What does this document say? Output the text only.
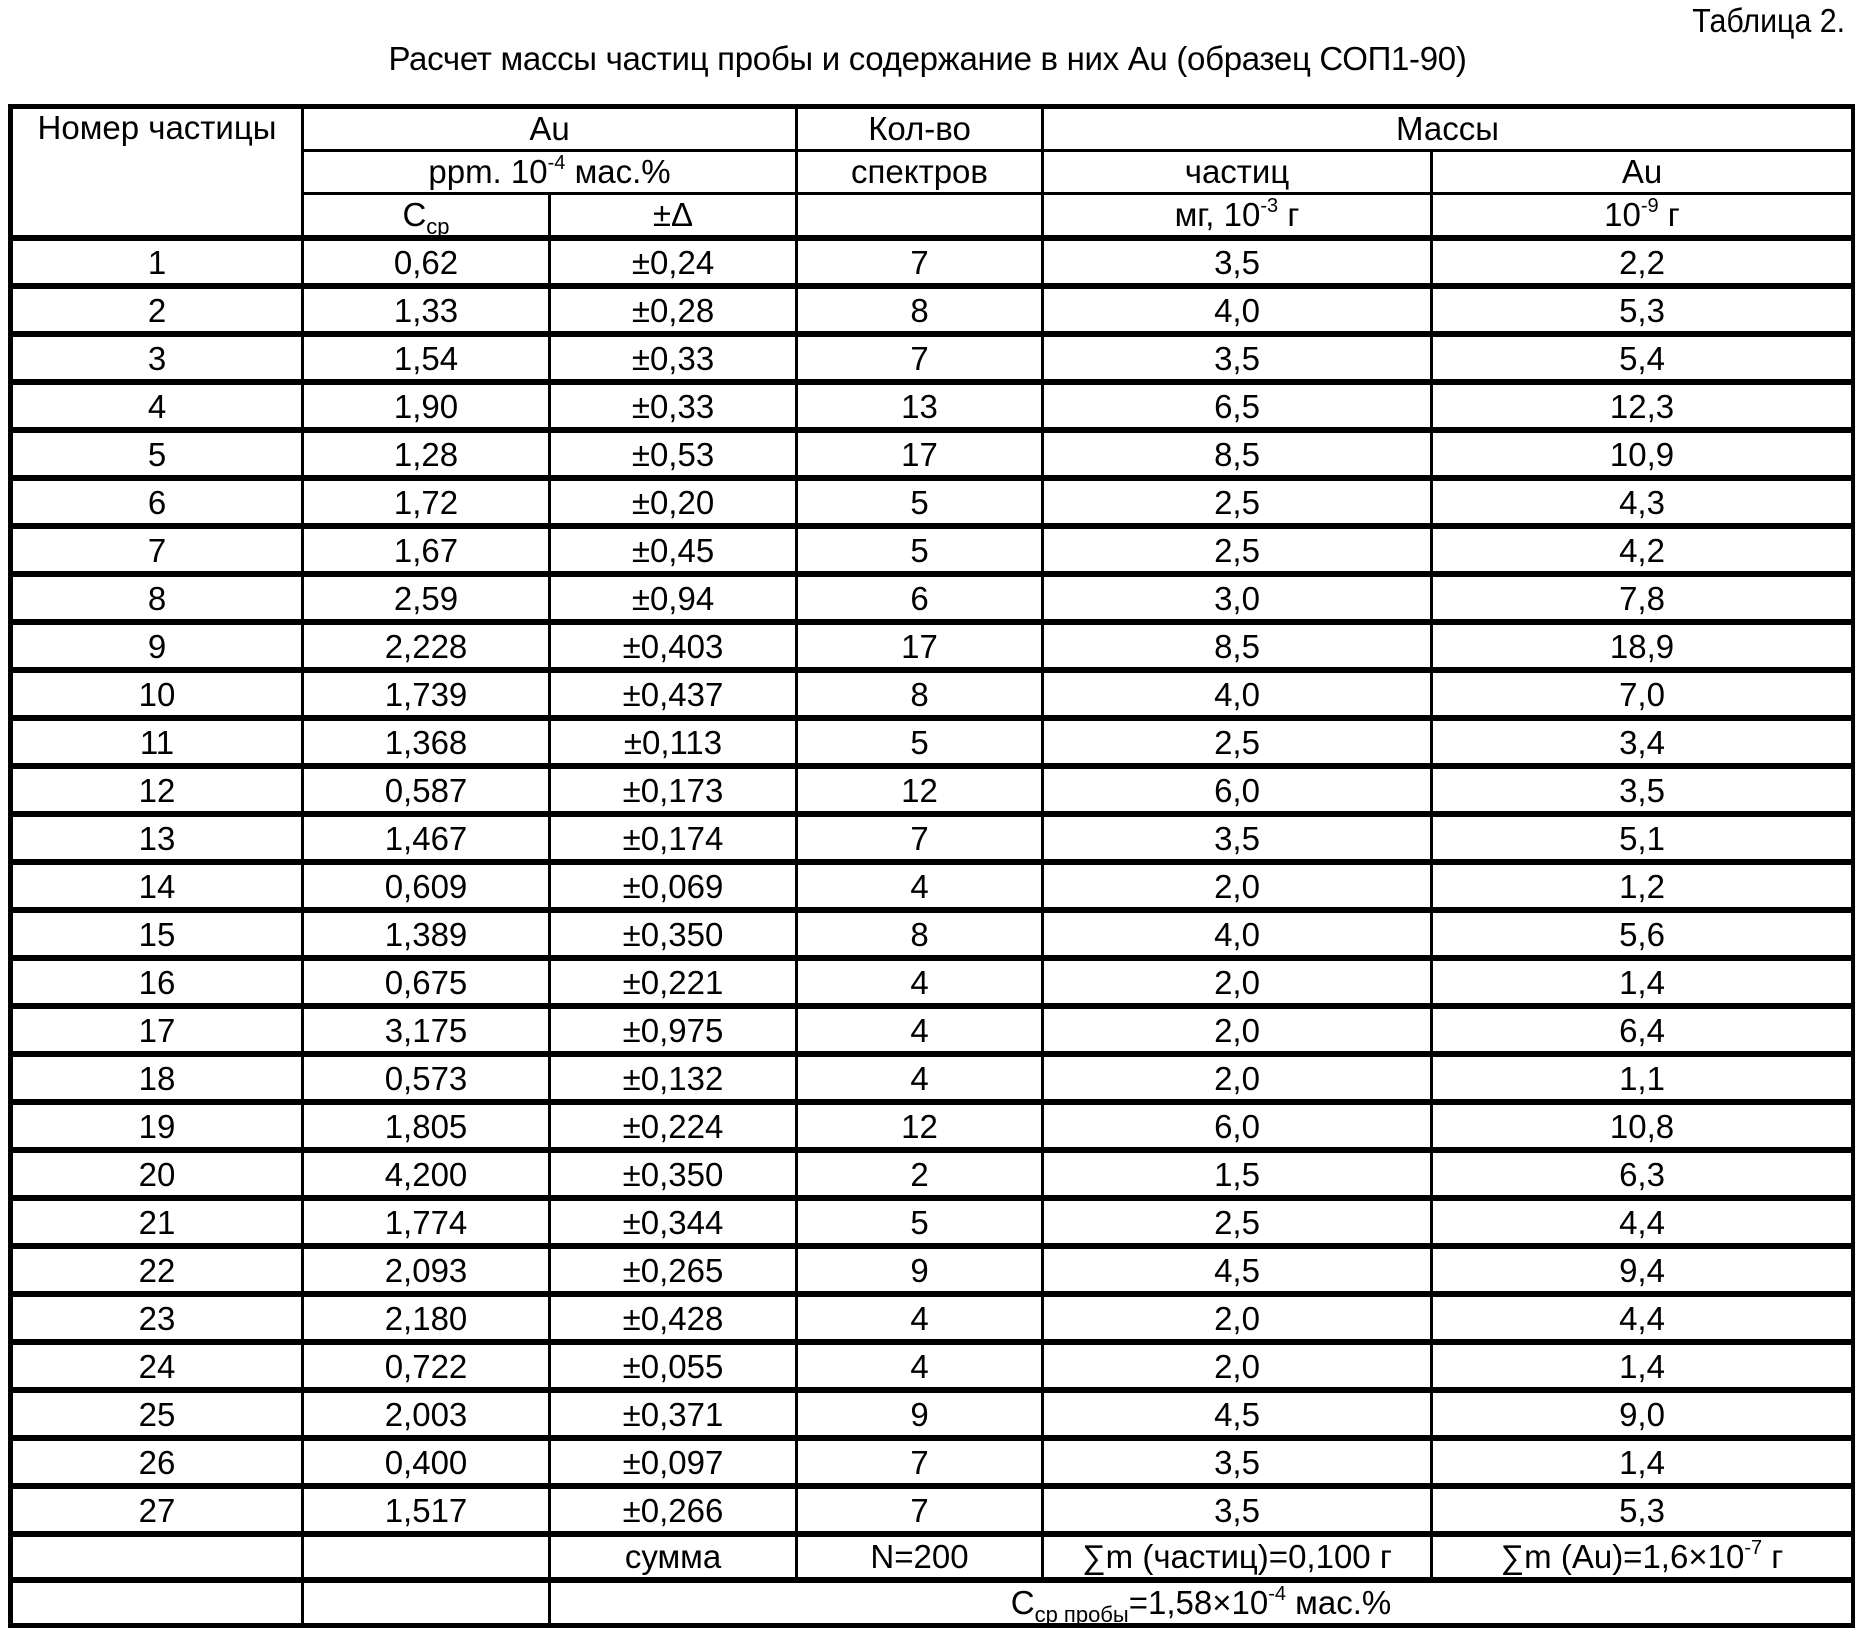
Таблица 2.
Расчет массы частиц пробы и содержание в них Au (образец СОП1-90)
Номер частицы	Au		Кол-во	Массы	
	ppm. $10^{-4}$ мас.%		спектров	частиц	Au
	$C_{ср}$	±Δ		мг, $10^{-3}$ г	$10^{-9}$ г
1	0,62	±0,24	7	3,5	2,2
2	1,33	±0,28	8	4,0	5,3
3	1,54	±0,33	7	3,5	5,4
4	1,90	±0,33	13	6,5	12,3
5	1,28	±0,53	17	8,5	10,9
6	1,72	±0,20	5	2,5	4,3
7	1,67	±0,45	5	2,5	4,2
8	2,59	±0,94	6	3,0	7,8
9	2,228	±0,403	17	8,5	18,9
10	1,739	±0,437	8	4,0	7,0
11	1,368	±0,113	5	2,5	3,4
12	0,587	±0,173	12	6,0	3,5
13	1,467	±0,174	7	3,5	5,1
14	0,609	±0,069	4	2,0	1,2
15	1,389	±0,350	8	4,0	5,6
16	0,675	±0,221	4	2,0	1,4
17	3,175	±0,975	4	2,0	6,4
18	0,573	±0,132	4	2,0	1,1
19	1,805	±0,224	12	6,0	10,8
20	4,200	±0,350	2	1,5	6,3
21	1,774	±0,344	5	2,5	4,4
22	2,093	±0,265	9	4,5	9,4
23	2,180	±0,428	4	2,0	4,4
24	0,722	±0,055	4	2,0	1,4
25	2,003	±0,371	9	4,5	9,0
26	0,400	±0,097	7	3,5	1,4
27	1,517	±0,266	7	3,5	5,3
		сумма	N=200	∑m (частиц)=0,100 г	∑m $(Au)=1,6\times 10^{-7}$ г
		$C_{ср пробы}=1,58\times 10^{-4}$ мас.%			
